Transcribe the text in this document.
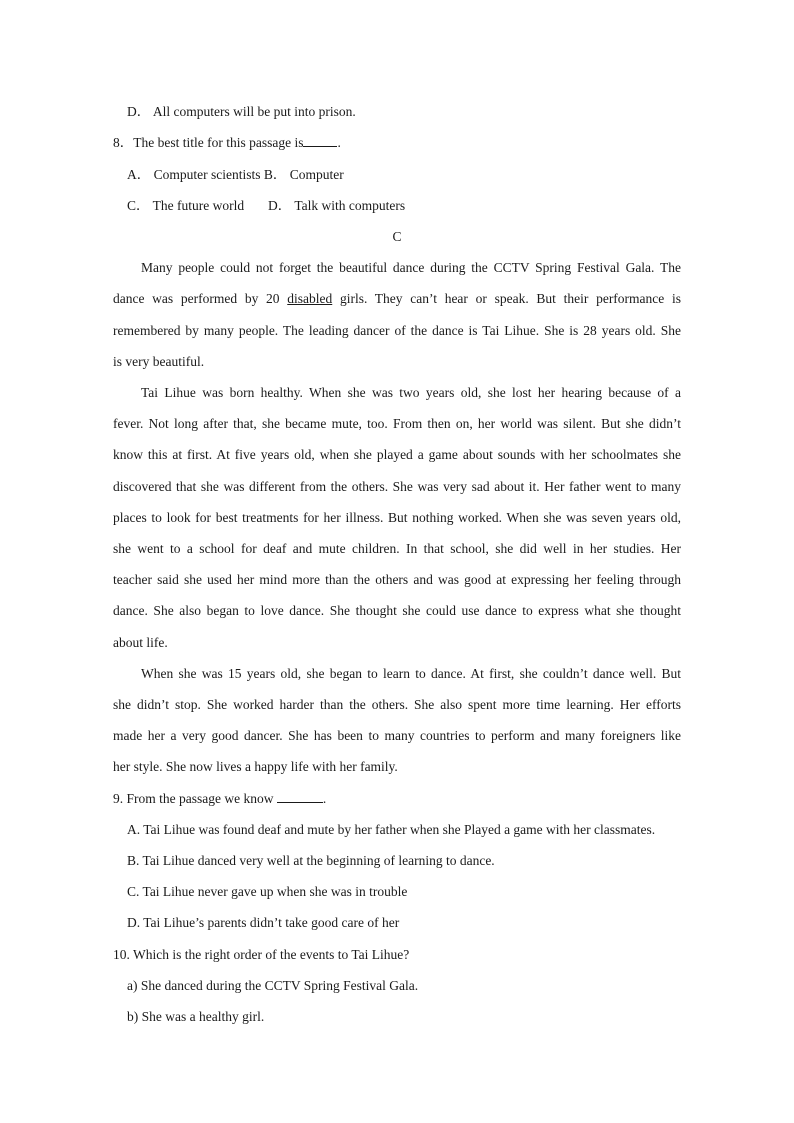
D． All computers will be put into prison.
8．The best title for this passage is	.
A． Computer scientists B． Computer
C． The future world D． Talk with computers
C
Many people could not forget the beautiful dance during the CCTV Spring Festival Gala. The
dance was performed by 20 disabled girls. They can’t hear or speak. But their performance is
remembered by many people. The leading dancer of the dance is Tai Lihue. She is 28 years old. She
is very beautiful.
Tai Lihue was born healthy. When she was two years old, she lost her hearing because of a
fever. Not long after that, she became mute, too. From then on, her world was silent. But she didn’t
know this at first. At five years old, when she played a game about sounds with her schoolmates she
discovered that she was different from the others. She was very sad about it. Her father went to many
places to look for best treatments for her illness. But nothing worked. When she was seven years old,
she went to a school for deaf and mute children. In that school, she did well in her studies. Her
teacher said she used her mind more than the others and was good at expressing her feeling through
dance. She also began to love dance. She thought she could use dance to express what she thought
about life.
When she was 15 years old, she began to learn to dance. At first, she couldn’t dance well. But
she didn’t stop. She worked harder than the others. She also spent more time learning. Her efforts
made her a very good dancer. She has been to many countries to perform and many foreigners like
her style. She now lives a happy life with her family.
9. From the passage we know	.
A. Tai Lihue was found deaf and mute by her father when she Played a game with her classmates.
B. Tai Lihue danced very well at the beginning of learning to dance.
C. Tai Lihue never gave up when she was in trouble
D. Tai Lihue’s parents didn’t take good care of her
10. Which is the right order of the events to Tai Lihue?
a) She danced during the CCTV Spring Festival Gala.
b) She was a healthy girl.
